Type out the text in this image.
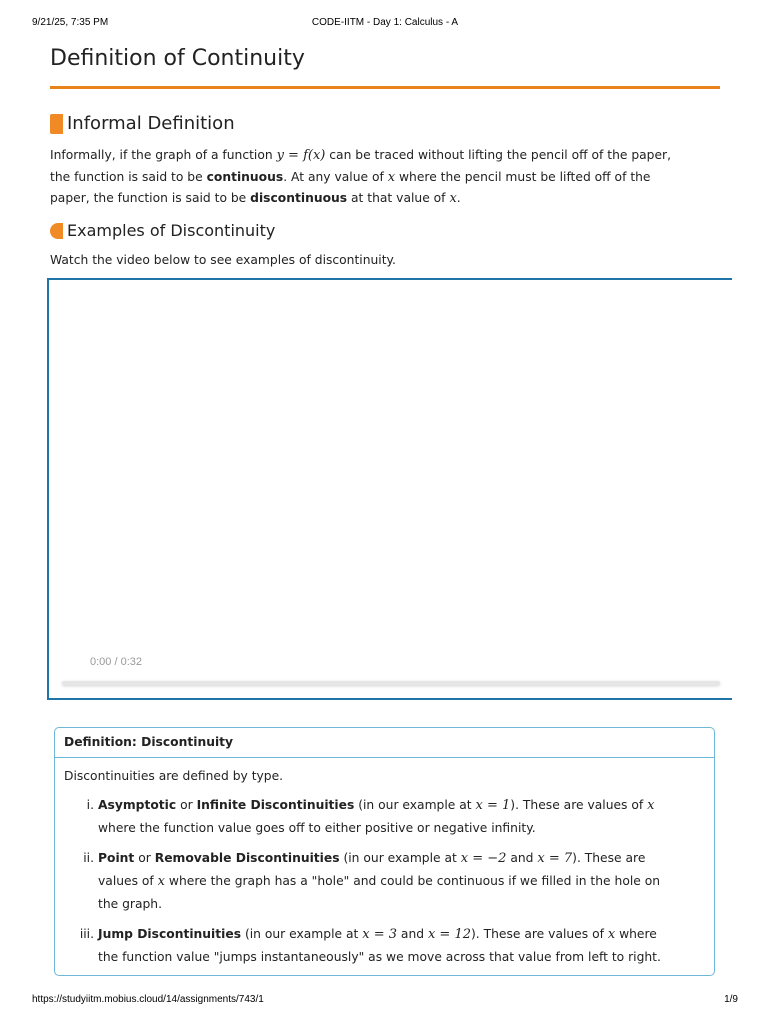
9/21/25, 7:35 PM	CODE-IITM - Day 1: Calculus - A
Definition of Continuity
Informal Definition
Informally, if the graph of a function y = f(x) can be traced without lifting the pencil off of the paper,
the function is said to be continuous. At any value of x where the pencil must be lifted off of the
paper, the function is said to be discontinuous at that value of x.
Examples of Discontinuity

Watch the video below to see examples of discontinuity.

0:00 / 0:32
Definition: Discontinuity

Discontinuities are defined by type.

i. Asymptotic or Infinite Discontinuities (in our example at x = 1). These are values of x
where the function value goes off to either positive or negative infinity.
ii. Point or Removable Discontinuities (in our example at x = −2 and x = 7). These are
values of x where the graph has a "hole" and could be continuous if we filled in the hole on
the graph.
iii. Jump Discontinuities (in our example at x = 3 and x = 12). These are values of x where
the function value "jumps instantaneously" as we move across that value from left to right.
https://studyiitm.mobius.cloud/14/assignments/743/1	1/9
